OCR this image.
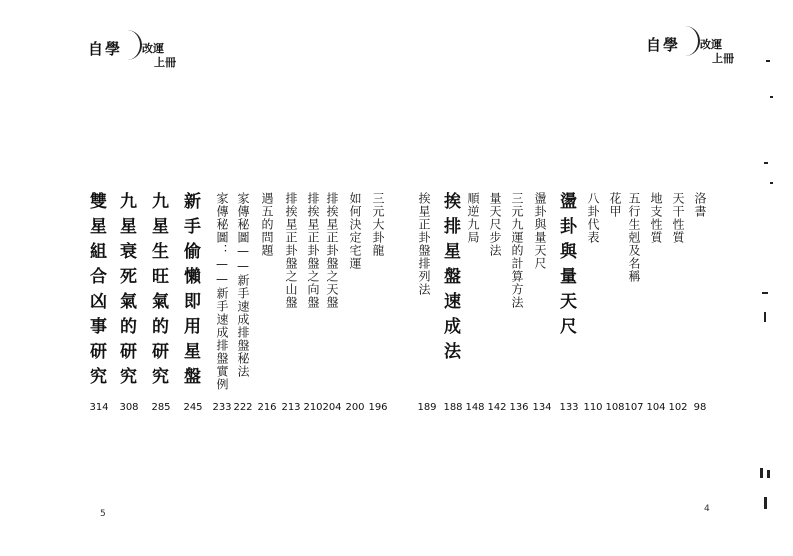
自學 改運
上冊
三元大卦龍
如何決定宅運
排挨星正卦盤之天盤
排挨星正卦盤之向盤
排挨星正卦盤之山盤
遇五的問題
家傳秘圖——新手速成排盤秘法
家傳秘圖：——新手速成排盤實例
新手偷懶即用星盤
九星生旺氣的研究
九星衰死氣的研究
雙星組合凶事研究
196
200
204
210
213
216
222
233
245
285
308
314
5
自學 改運
上冊
洛書
天干性質
地支性質
五行生剋及名稱
花甲
八卦代表
盪卦與量天尺
盪卦與量天尺
三元九運的計算方法
量天尺步法
順逆九局
挨排星盤速成法
挨星正卦盤排列法
98
102
104
107
108
110
133
134
136
142
148
188
189
4
